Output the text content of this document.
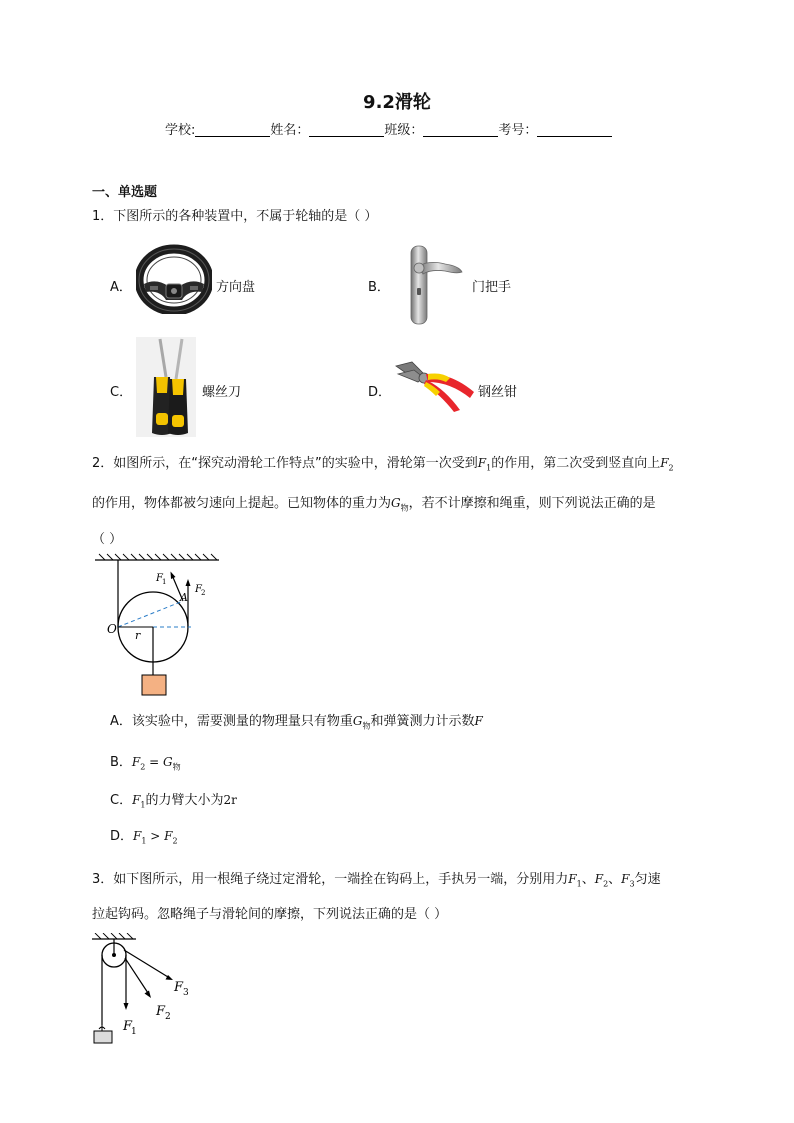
9.2滑轮
学校:	姓名：	班级：	考号：
一、单选题
1．下图所示的各种装置中，不属于轮轴的是（ ）
A．	方向盘	B．	门把手
C．	螺丝刀	D．	钢丝钳
2．如图所示，在“探究动滑轮工作特点”的实验中，滑轮第一次受到$F_1$的作用，第二次受到竖直向上$F_2$
的作用，物体都被匀速向上提起。已知物体的重力为$G_物$，若不计摩擦和绳重，则下列说法正确的是
（ ）
O r
A
F 1
F 2
A．该实验中，需要测量的物理量只有物重$G_物$和弹簧测力计示数F
B．$F_2 = G_物$
C．$F_1$的力臂大小为2r
D．$F_1 > F_2$
3．如下图所示，用一根绳子绕过定滑轮，一端拴在钩码上，手执另一端，分别用力$F_1$、$F_2$、$F_3$匀速
拉起钩码。忽略绳子与滑轮间的摩擦，下列说法正确的是（ ）
F
1
F 2
F 3
